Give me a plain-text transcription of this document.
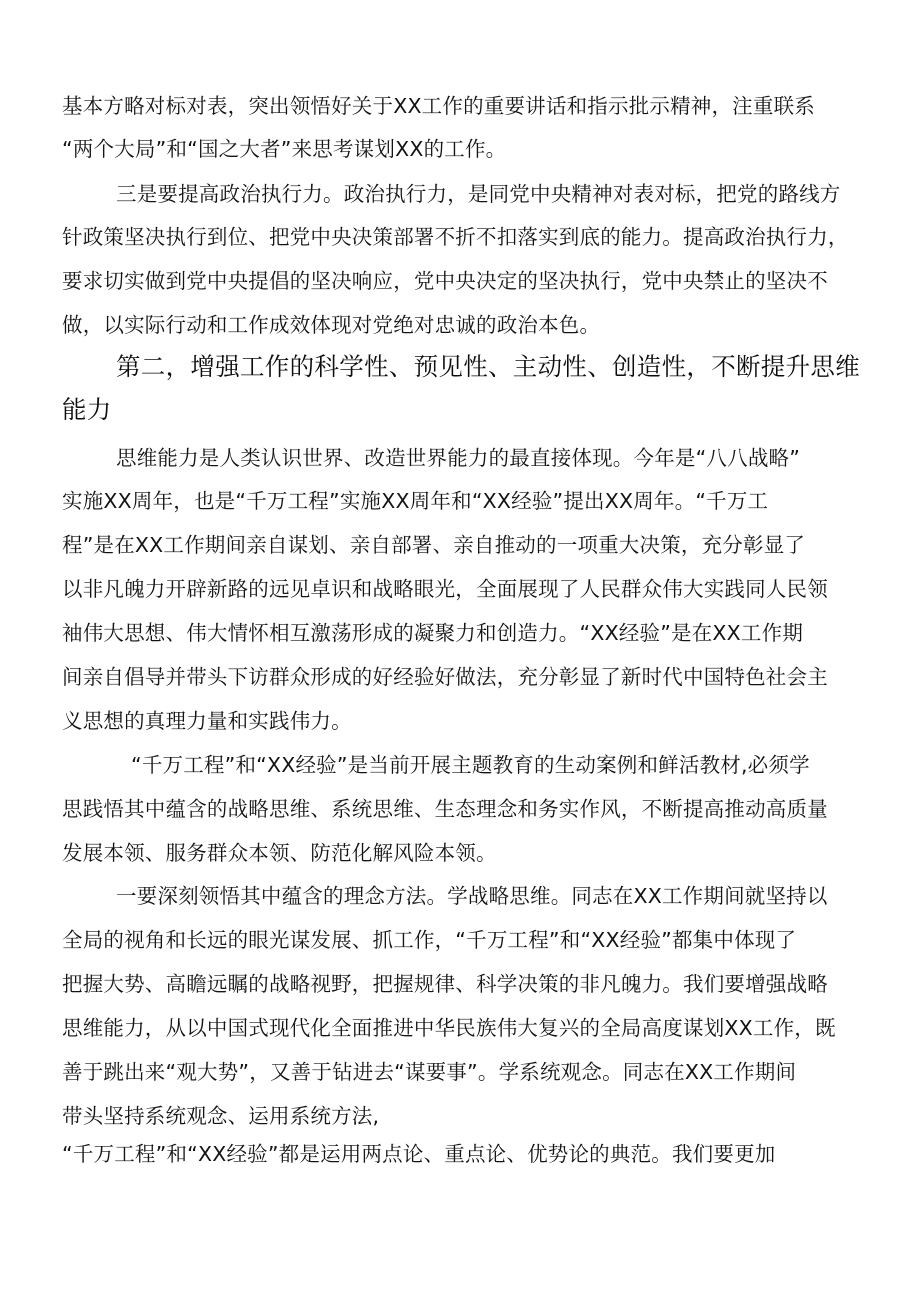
基本方略对标对表，突出领悟好关于XX工作的重要讲话和指示批示精神，注重联系
“两个大局”和“国之大者”来思考谋划XX的工作。
三是要提高政治执行力。政治执行力，是同党中央精神对表对标，把党的路线方
针政策坚决执行到位、把党中央决策部署不折不扣落实到底的能力。提高政治执行力，
要求切实做到党中央提倡的坚决响应，党中央决定的坚决执行，党中央禁止的坚决不
做，以实际行动和工作成效体现对党绝对忠诚的政治本色。
第二，增强工作的科学性、预见性、主动性、创造性，不断提升思维
能力
思维能力是人类认识世界、改造世界能力的最直接体现。今年是“八八战略”
实施XX周年，也是“千万工程”实施XX周年和“XX经验”提出XX周年。“千万工
程”是在XX工作期间亲自谋划、亲自部署、亲自推动的一项重大决策，充分彰显了
以非凡魄力开辟新路的远见卓识和战略眼光，全面展现了人民群众伟大实践同人民领
袖伟大思想、伟大情怀相互激荡形成的凝聚力和创造力。“XX经验”是在XX工作期
间亲自倡导并带头下访群众形成的好经验好做法，充分彰显了新时代中国特色社会主
义思想的真理力量和实践伟力。
“千万工程”和“XX经验”是当前开展主题教育的生动案例和鲜活教材,必须学
思践悟其中蕴含的战略思维、系统思维、生态理念和务实作风，不断提高推动高质量
发展本领、服务群众本领、防范化解风险本领。
一要深刻领悟其中蕴含的理念方法。学战略思维。同志在XX工作期间就坚持以
全局的视角和长远的眼光谋发展、抓工作，“千万工程”和“XX经验”都集中体现了
把握大势、高瞻远瞩的战略视野，把握规律、科学决策的非凡魄力。我们要增强战略
思维能力，从以中国式现代化全面推进中华民族伟大复兴的全局高度谋划XX工作，既
善于跳出来“观大势”，又善于钻进去“谋要事”。学系统观念。同志在XX工作期间
带头坚持系统观念、运用系统方法,
“千万工程”和“XX经验”都是运用两点论、重点论、优势论的典范。我们要更加
